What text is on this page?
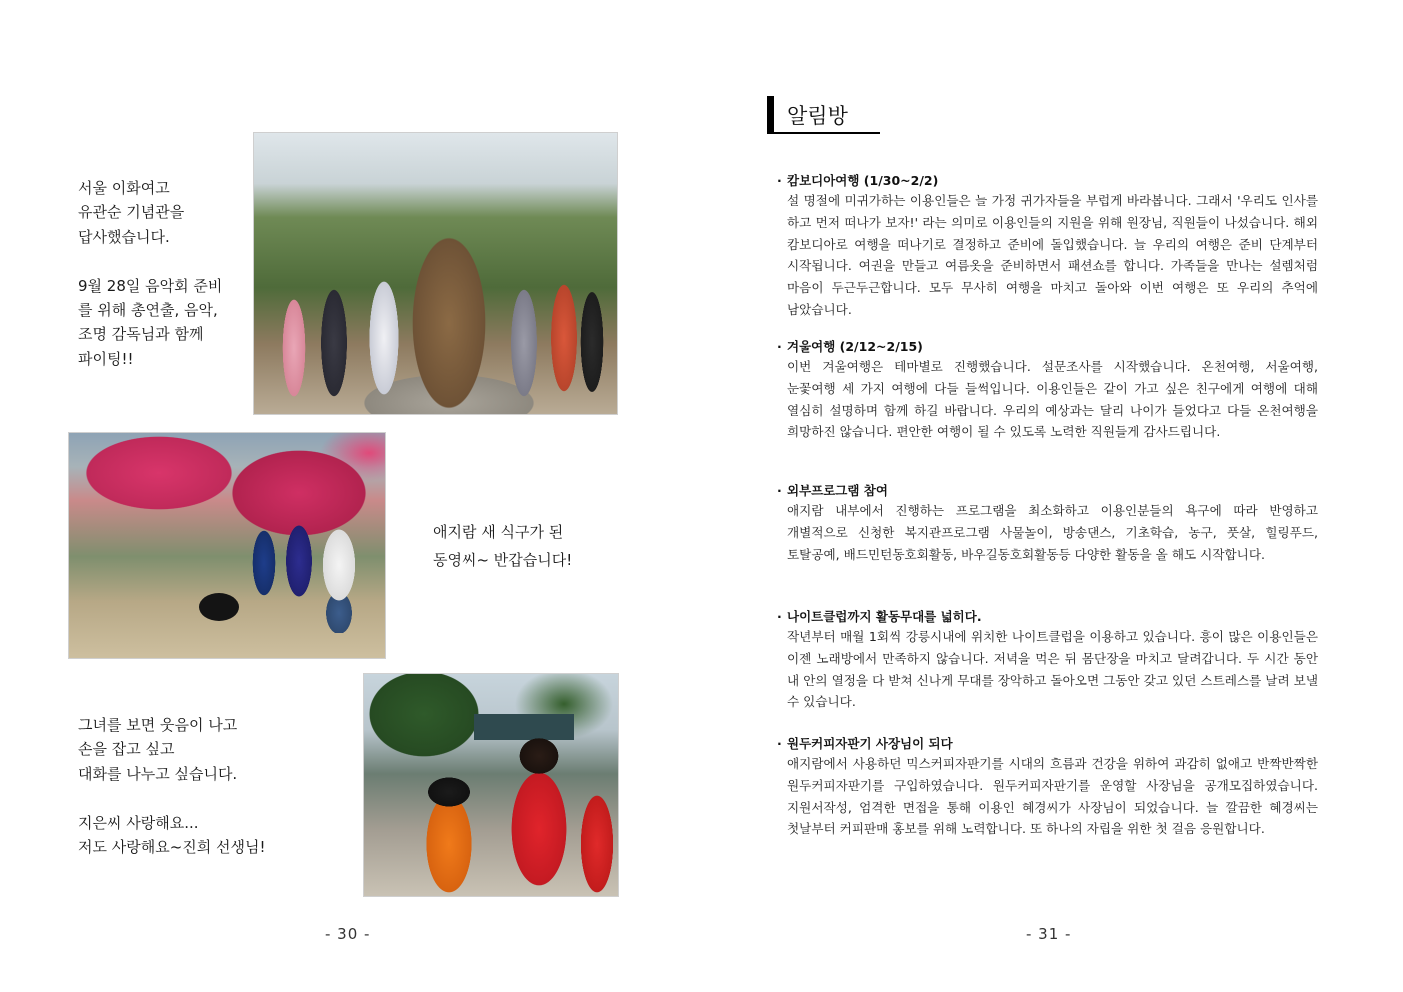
서울 이화여고
유관순 기념관을
답사했습니다.

9월 28일 음악회 준비
를 위해 총연출, 음악,
조명 감독님과 함께
파이팅!!
애지람 새 식구가 된
동영씨~ 반갑습니다!
그녀를 보면 웃음이 나고
손을 잡고 싶고
대화를 나누고 싶습니다.

지은씨 사랑해요...
저도 사랑해요~진희 선생님!
- 30 -
알림방
· 캄보디아여행 (1/30~2/2)
설 명절에 미귀가하는 이용인들은 늘 가정 귀가자들을 부럽게 바라봅니다. 그래서 '우리도 인사를 하고 먼저 떠나가 보자!' 라는 의미로 이용인들의 지원을 위해 원장님, 직원들이 나섰습니다. 해외 캄보디아로 여행을 떠나기로 결정하고 준비에 돌입했습니다. 늘 우리의 여행은 준비 단계부터 시작됩니다. 여권을 만들고 여름옷을 준비하면서 패션쇼를 합니다. 가족들을 만나는 설렘처럼 마음이 두근두근합니다. 모두 무사히 여행을 마치고 돌아와 이번 여행은 또 우리의 추억에 남았습니다.
· 겨울여행 (2/12~2/15)
이번 겨울여행은 테마별로 진행했습니다. 설문조사를 시작했습니다. 온천여행, 서울여행, 눈꽃여행 세 가지 여행에 다들 들썩입니다. 이용인들은 같이 가고 싶은 친구에게 여행에 대해 열심히 설명하며 함께 하길 바랍니다. 우리의 예상과는 달리 나이가 들었다고 다들 온천여행을 희망하진 않습니다. 편안한 여행이 될 수 있도록 노력한 직원들게 감사드립니다.
· 외부프로그램 참여
애지람 내부에서 진행하는 프로그램을 최소화하고 이용인분들의 욕구에 따라 반영하고 개별적으로 신청한 복지관프로그램 사물놀이, 방송댄스, 기초학습, 농구, 풋살, 힐링푸드, 토탈공예, 배드민턴동호회활동, 바우길동호회활동등 다양한 활동을 올 해도 시작합니다.
· 나이트클럽까지 활동무대를 넓히다.
작년부터 매월 1회씩 강릉시내에 위치한 나이트클럽을 이용하고 있습니다. 흥이 많은 이용인들은 이젠 노래방에서 만족하지 않습니다. 저녁을 먹은 뒤 몸단장을 마치고 달려갑니다. 두 시간 동안 내 안의 열정을 다 받쳐 신나게 무대를 장악하고 돌아오면 그동안 갖고 있던 스트레스를 날려 보낼 수 있습니다.
· 원두커피자판기 사장님이 되다
애지람에서 사용하던 믹스커피자판기를 시대의 흐름과 건강을 위하여 과감히 없애고 반짝반짝한 원두커피자판기를 구입하였습니다. 원두커피자판기를 운영할 사장님을 공개모집하였습니다. 지원서작성, 엄격한 면접을 통해 이용인 혜경씨가 사장님이 되었습니다. 늘 깔끔한 혜경씨는 첫날부터 커피판매 홍보를 위해 노력합니다. 또 하나의 자립을 위한 첫 걸음 응원합니다.
- 31 -
